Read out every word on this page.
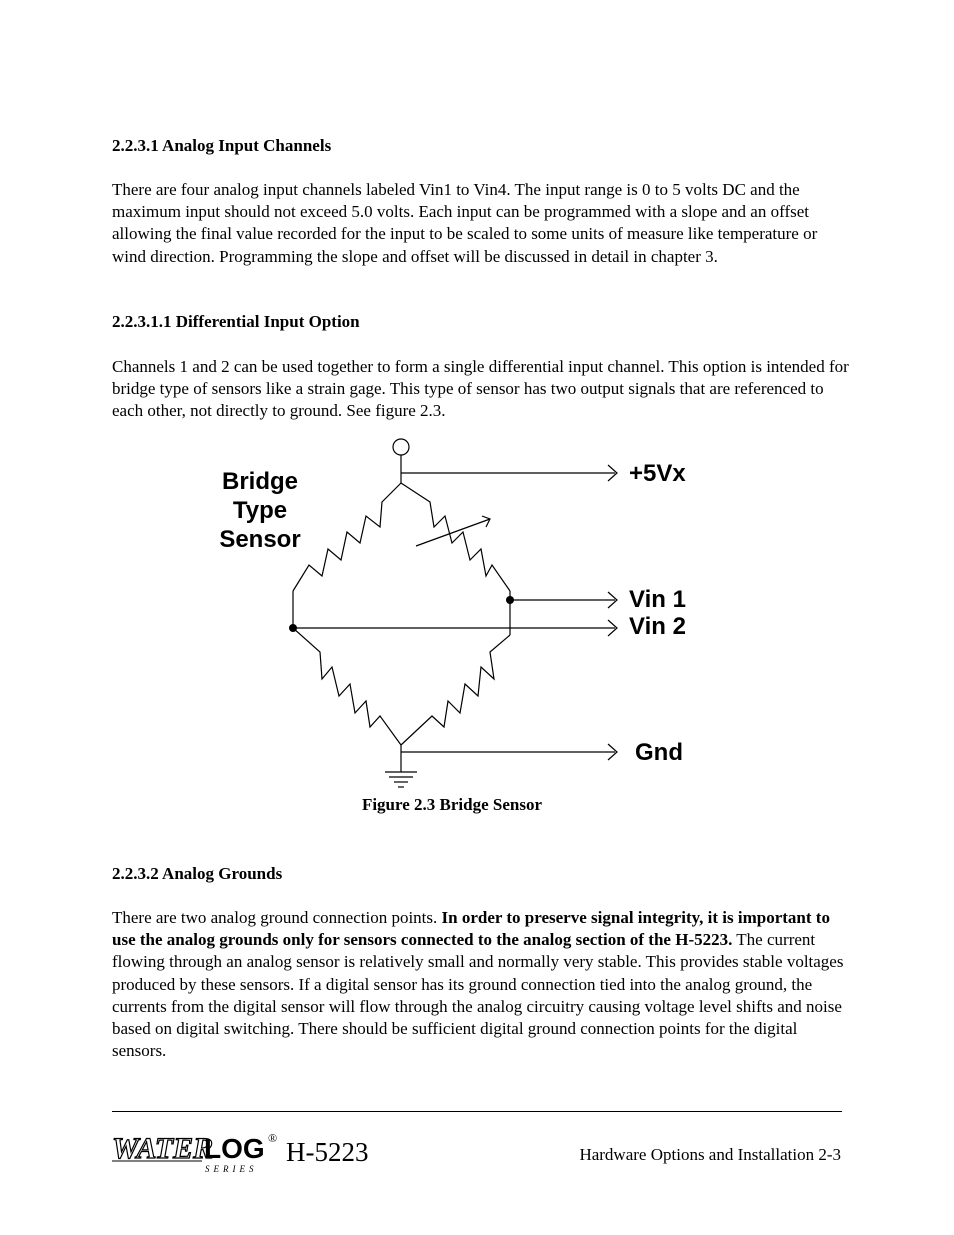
2.2.3.1 Analog Input Channels

There are four analog input channels labeled Vin1 to Vin4. The input range is 0 to 5 volts DC and the maximum input should not exceed 5.0 volts. Each input can be programmed with a slope and an offset allowing the final value recorded for the input to be scaled to some units of measure like temperature or wind direction. Programming the slope and offset will be discussed in detail in chapter 3.

2.2.3.1.1 Differential Input Option

Channels 1 and 2 can be used together to form a single differential input channel. This option is intended for bridge type of sensors like a strain gage. This type of sensor has two output signals that are referenced to each other, not directly to ground. See figure 2.3.

Bridge
Type
Sensor
+5Vx
Vin 1
Vin 2
Gnd
Figure 2.3 Bridge Sensor
2.2.3.2 Analog Grounds

There are two analog ground connection points. In order to preserve signal integrity, it is important to use the analog grounds only for sensors connected to the analog section of the H-5223. The current flowing through an analog sensor is relatively small and normally very stable. This provides stable voltages produced by these sensors. If a digital sensor has its ground connection tied into the analog ground, the currents from the digital sensor will flow through the analog circuitry causing voltage level shifts and noise based on digital switching. There should be sufficient digital ground connection points for the digital sensors.

WATER
LOG ®
SERIES
H-5223	Hardware Options and Installation 2-3
